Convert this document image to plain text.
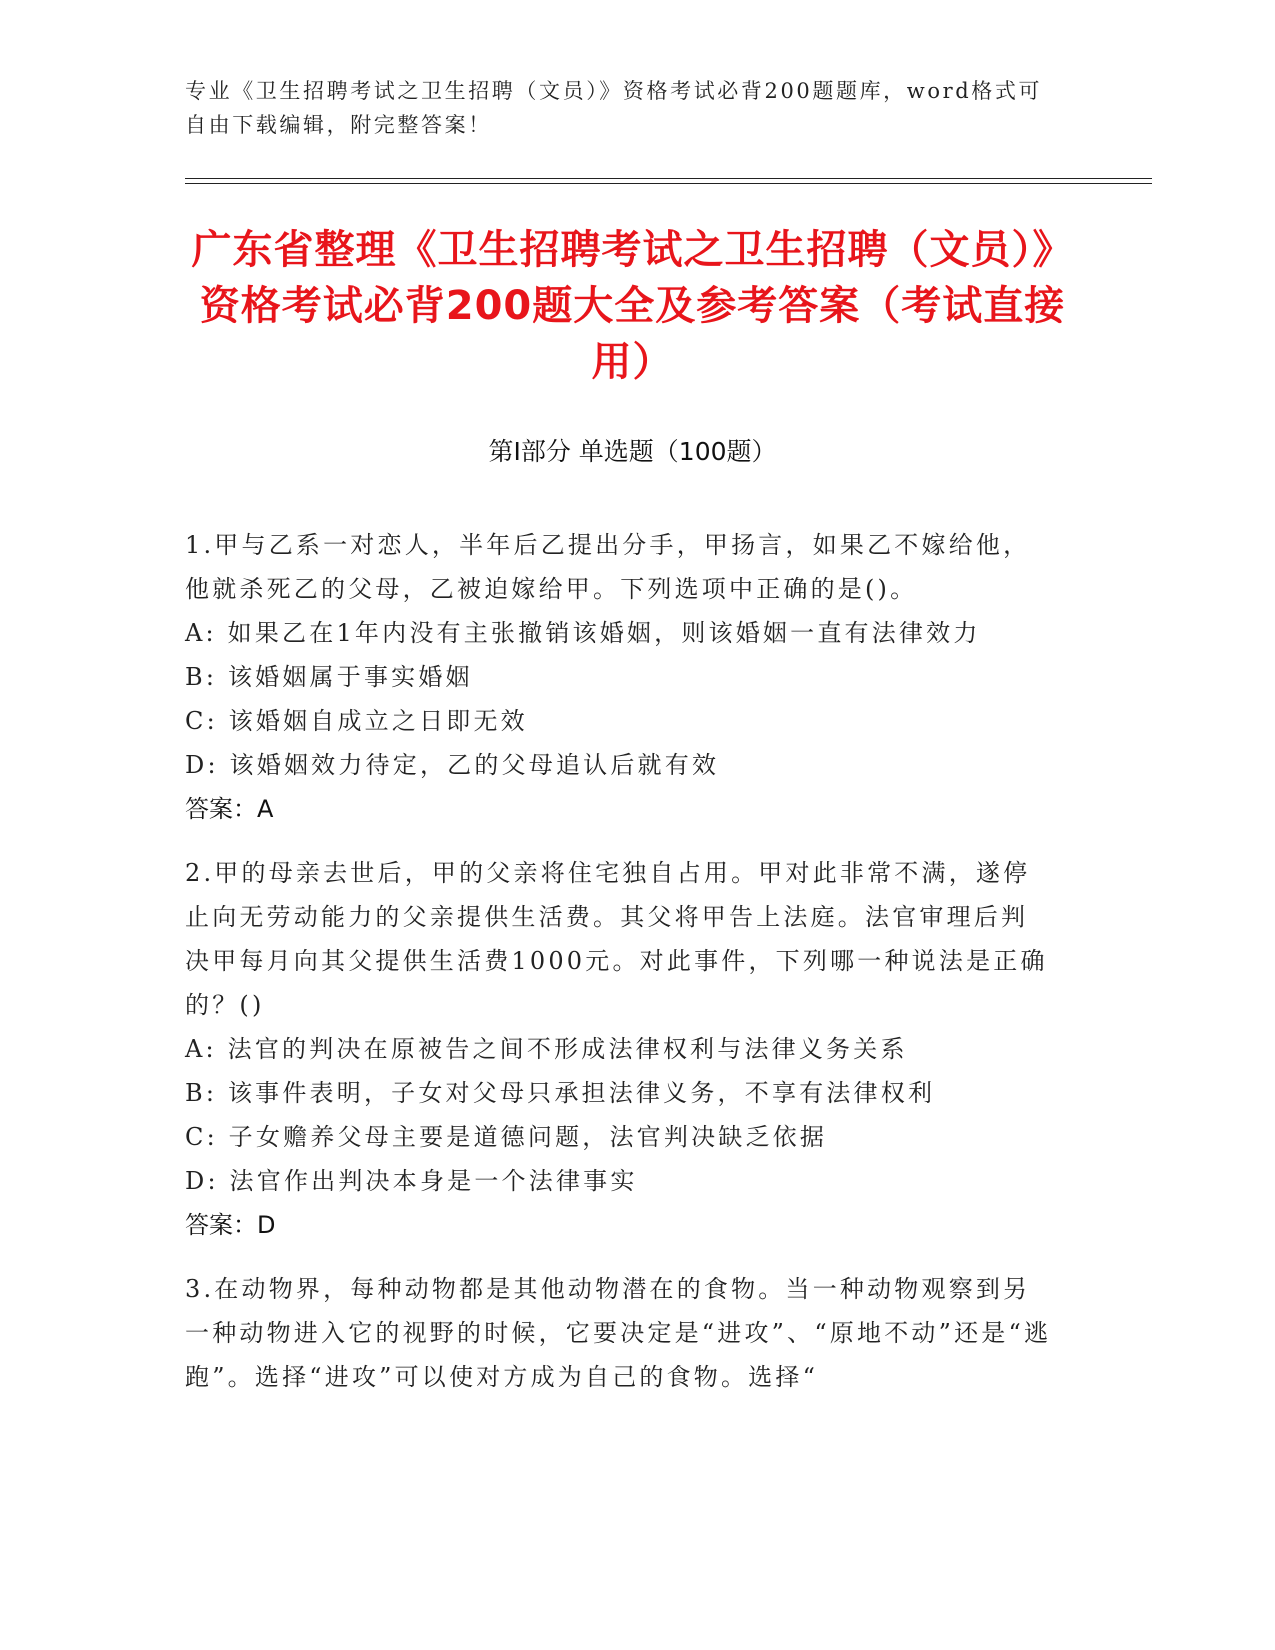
专业《卫生招聘考试之卫生招聘（文员）》资格考试必背200题题库，word格式可自由下载编辑，附完整答案！
广东省整理《卫生招聘考试之卫生招聘（文员）》资格考试必背200题大全及参考答案（考试直接用）
第I部分 单选题（100题）

1.甲与乙系一对恋人，半年后乙提出分手，甲扬言，如果乙不嫁给他，他就杀死乙的父母，乙被迫嫁给甲。下列选项中正确的是()。

A: 如果乙在1年内没有主张撤销该婚姻，则该婚姻一直有法律效力

B: 该婚姻属于事实婚姻

C: 该婚姻自成立之日即无效

D: 该婚姻效力待定，乙的父母追认后就有效

答案：A

2.甲的母亲去世后，甲的父亲将住宅独自占用。甲对此非常不满，遂停止向无劳动能力的父亲提供生活费。其父将甲告上法庭。法官审理后判决甲每月向其父提供生活费1000元。对此事件，下列哪一种说法是正确的？()

A: 法官的判决在原被告之间不形成法律权利与法律义务关系

B: 该事件表明，子女对父母只承担法律义务，不享有法律权利

C: 子女赡养父母主要是道德问题，法官判决缺乏依据

D: 法官作出判决本身是一个法律事实

答案：D

3.在动物界，每种动物都是其他动物潜在的食物。当一种动物观察到另一种动物进入它的视野的时候，它要决定是“进攻”、“原地不动”还是“逃跑”。选择“进攻”可以使对方成为自己的食物。选择“
